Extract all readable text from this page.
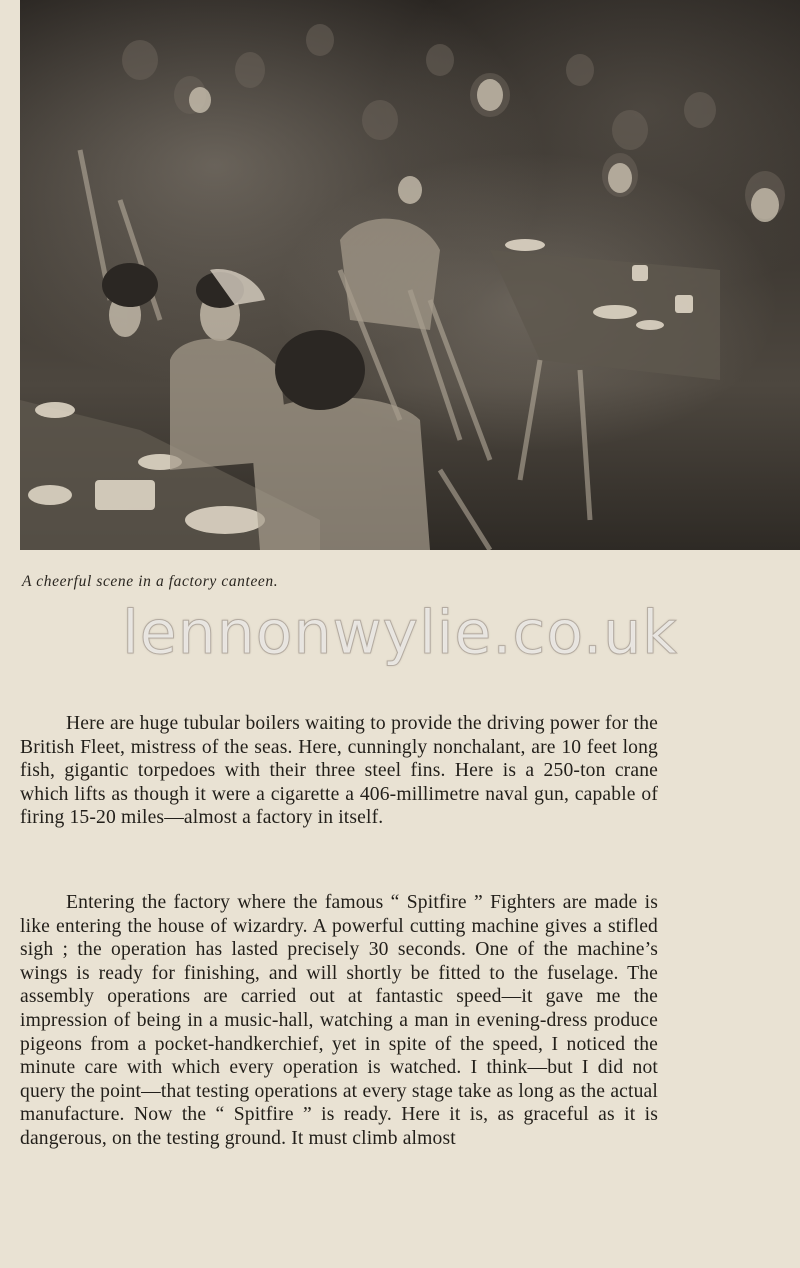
A cheerful scene in a factory canteen.
lennonwylie.co.uk

Here are huge tubular boilers waiting to provide the driving power for the British Fleet, mistress of the seas. Here, cunningly nonchalant, are 10 feet long fish, gigantic torpedoes with their three steel fins. Here is a 250-ton crane which lifts as though it were a cigarette a 406-millimetre naval gun, capable of firing 15-20 miles—almost a factory in itself.

Entering the factory where the famous “ Spitfire ” Fighters are made is like entering the house of wizardry. A powerful cutting machine gives a stifled sigh ; the operation has lasted precisely 30 seconds. One of the machine’s wings is ready for finishing, and will shortly be fitted to the fuselage. The assembly operations are carried out at fantastic speed—it gave me the impression of being in a music-hall, watching a man in evening-dress produce pigeons from a pocket-handkerchief, yet in spite of the speed, I noticed the minute care with which every operation is watched. I think—but I did not query the point—that testing operations at every stage take as long as the actual manufacture. Now the “ Spitfire ” is ready. Here it is, as graceful as it is dangerous, on the testing ground. It must climb almost
